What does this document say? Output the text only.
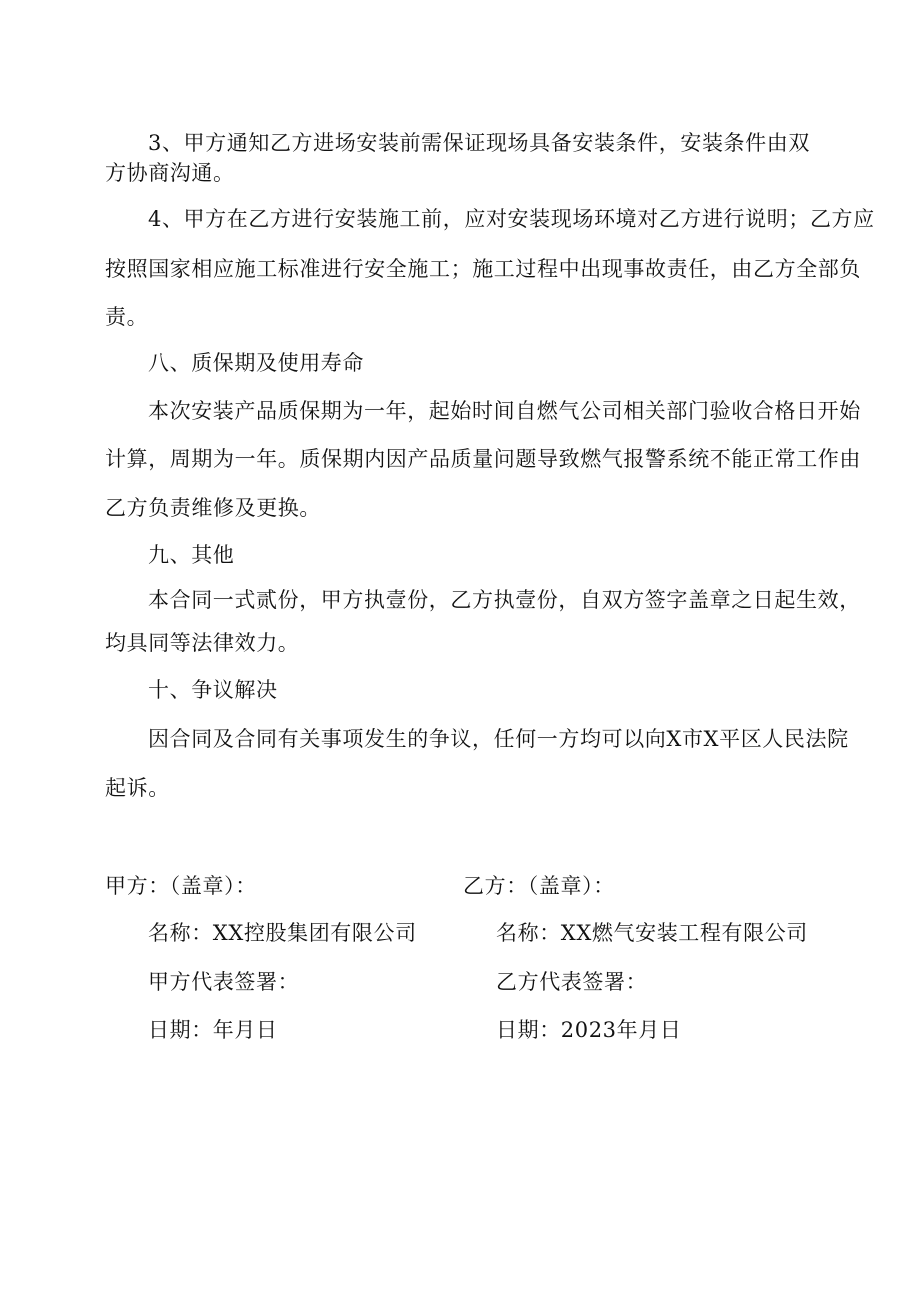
3、甲方通知乙方进场安装前需保证现场具备安装条件，安装条件由双
方协商沟通。
4、甲方在乙方进行安装施工前，应对安装现场环境对乙方进行说明；乙方应
按照国家相应施工标准进行安全施工；施工过程中出现事故责任，由乙方全部负
责。
八、质保期及使用寿命
本次安装产品质保期为一年，起始时间自燃气公司相关部门验收合格日开始
计算，周期为一年。质保期内因产品质量问题导致燃气报警系统不能正常工作由
乙方负责维修及更换。
九、其他
本合同一式贰份，甲方执壹份，乙方执壹份，自双方签字盖章之日起生效，
均具同等法律效力。
十、争议解决
因合同及合同有关事项发生的争议，任何一方均可以向X市X平区人民法院
起诉。
甲方：（盖章）：	乙方：（盖章）：
名称：XX控股集团有限公司	名称：XX燃气安装工程有限公司
甲方代表签署：	乙方代表签署：
日期：年月日	日期：2023年月日
